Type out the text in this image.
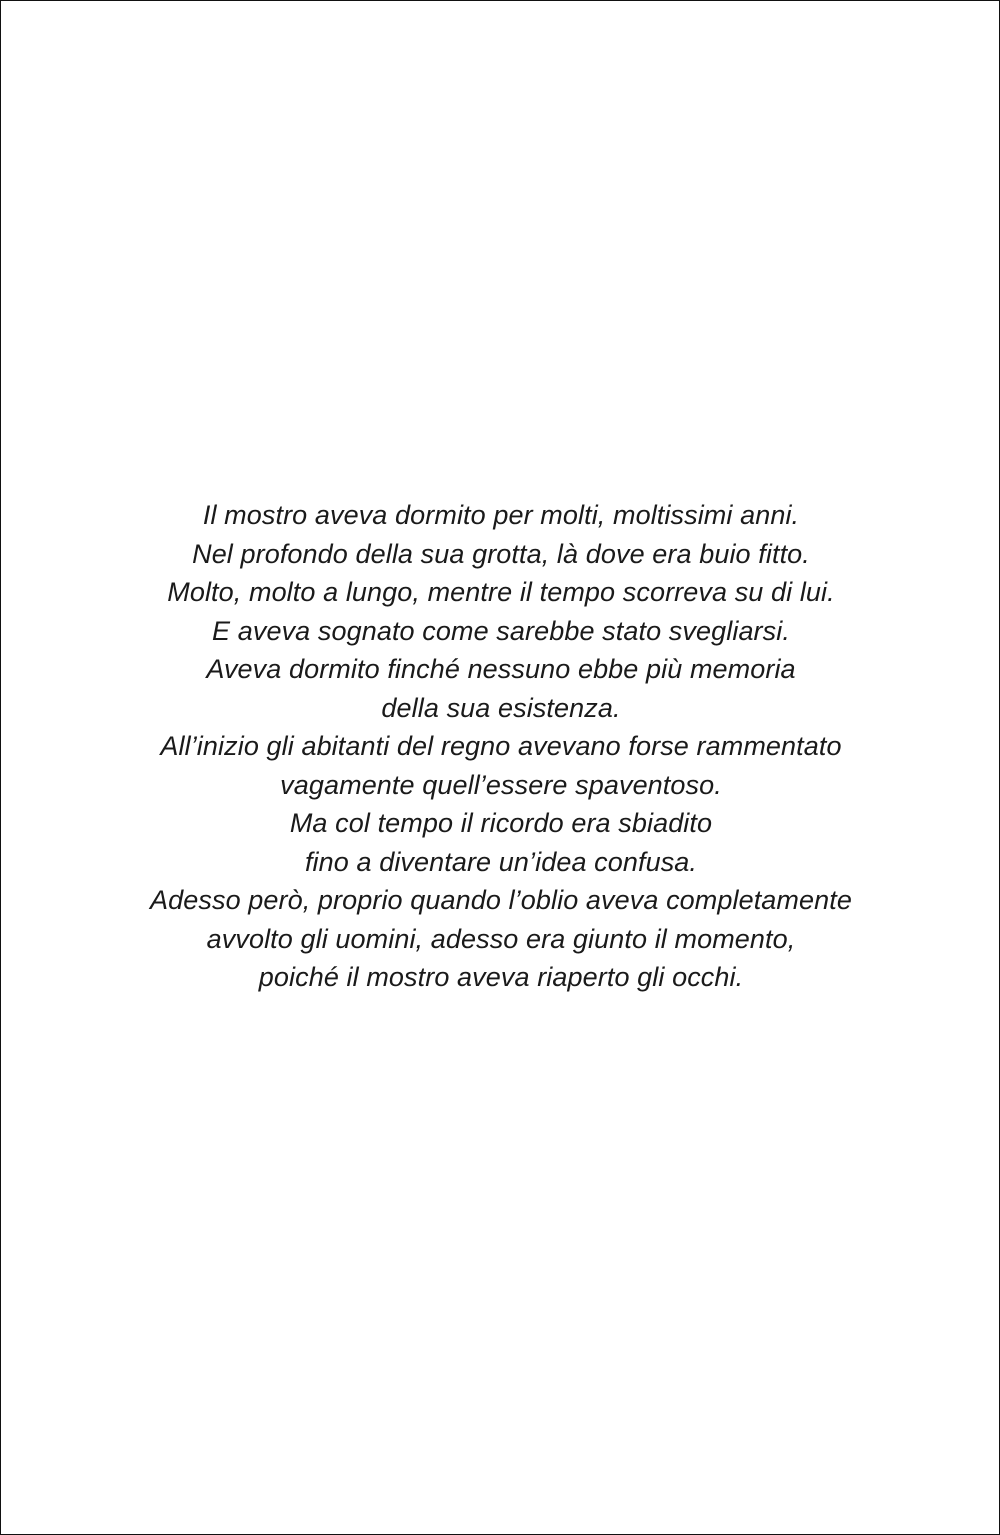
Il mostro aveva dormito per molti, moltissimi anni.
Nel profondo della sua grotta, là dove era buio fitto.
Molto, molto a lungo, mentre il tempo scorreva su di lui.
E aveva sognato come sarebbe stato svegliarsi.
Aveva dormito finché nessuno ebbe più memoria
della sua esistenza.
All’inizio gli abitanti del regno avevano forse rammentato
vagamente quell’essere spaventoso.
Ma col tempo il ricordo era sbiadito
fino a diventare un’idea confusa.
Adesso però, proprio quando l’oblio aveva completamente
avvolto gli uomini, adesso era giunto il momento,
poiché il mostro aveva riaperto gli occhi.
